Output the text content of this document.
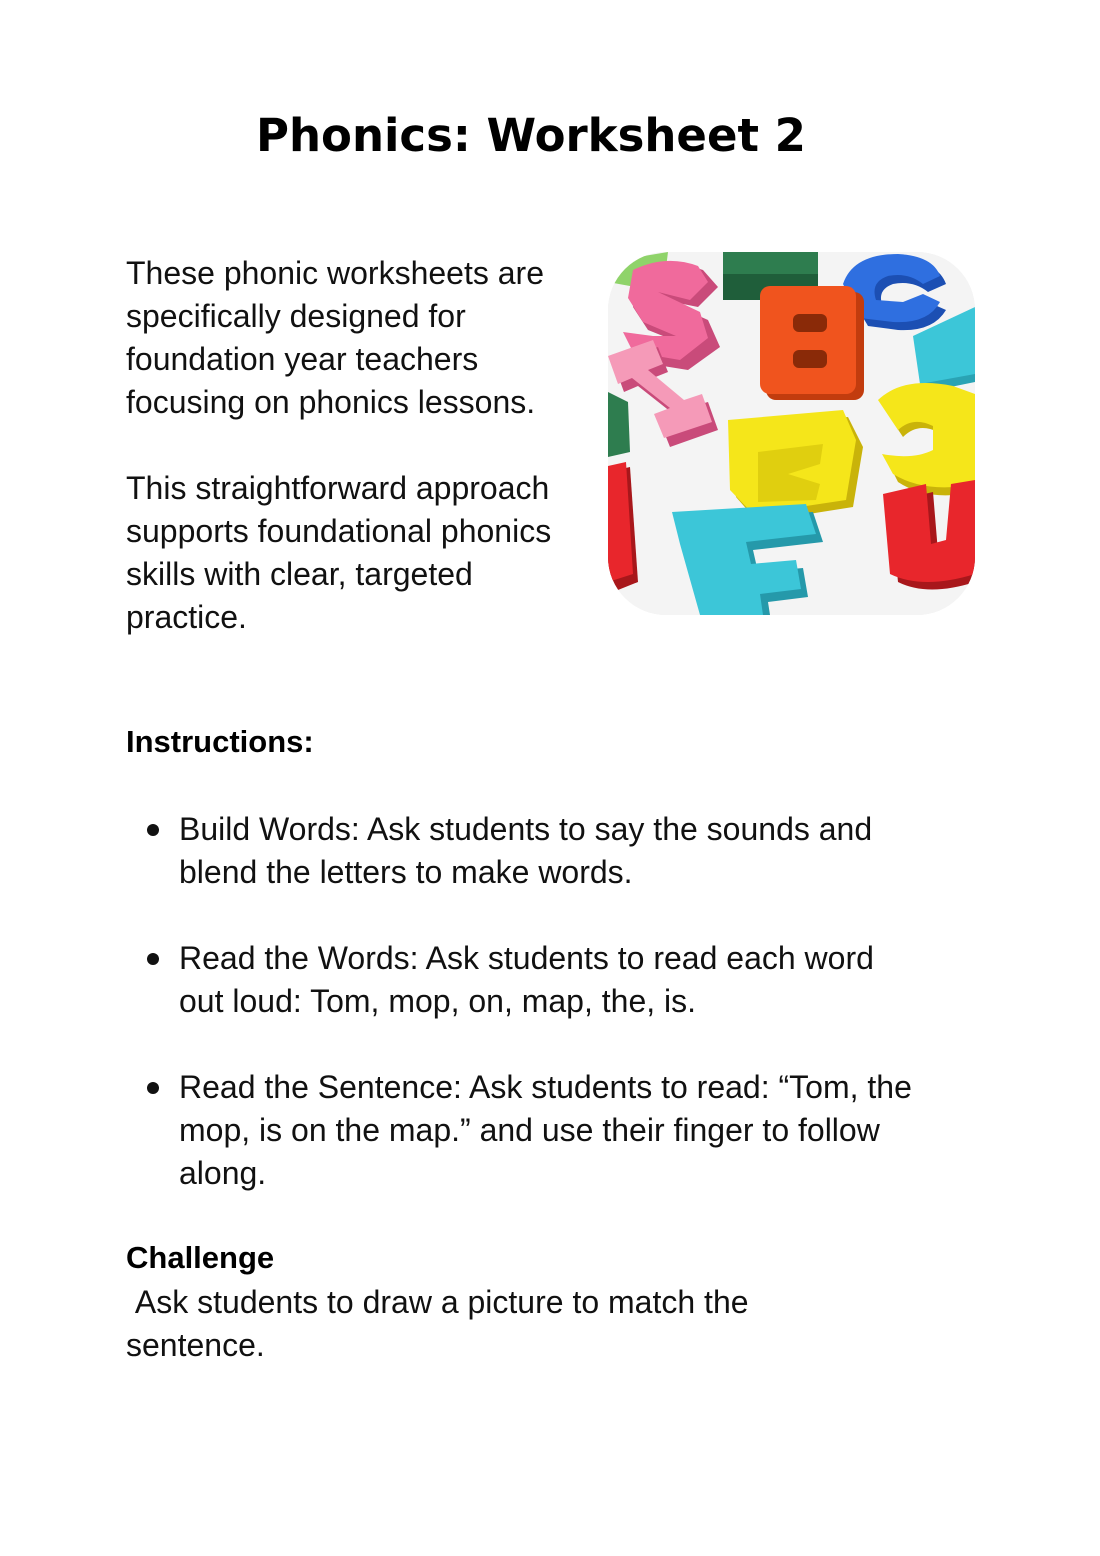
Phonics: Worksheet 2

These phonic worksheets are specifically designed for foundation year teachers focusing on phonics lessons.

This straightforward approach supports foundational phonics skills with clear, targeted practice.

Instructions:
Build Words: Ask students to say the sounds and blend the letters to make words.
Read the Words: Ask students to read each word out loud: Tom, mop, on, map, the, is.
Read the Sentence: Ask students to read: “Tom, the mop, is on the map.” and use their finger to follow along.
Challenge

Ask students to draw a picture to match the sentence.
